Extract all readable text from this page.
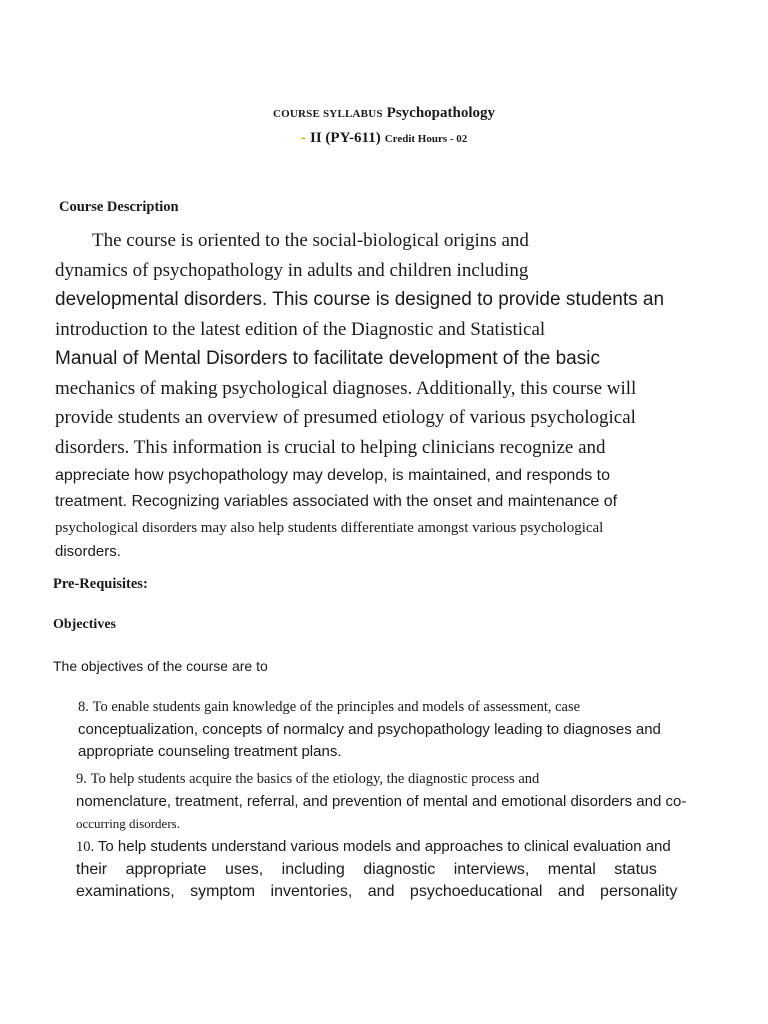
COURSE SYLLABUS Psychopathology
- II (PY-611) Credit Hours - 02
Course Description
The course is oriented to the social-biological origins and
dynamics of psychopathology in adults and children including
developmental disorders. This course is designed to provide students an
introduction to the latest edition of the Diagnostic and Statistical
Manual of Mental Disorders to facilitate development of the basic
mechanics of making psychological diagnoses. Additionally, this course will
provide students an overview of presumed etiology of various psychological
disorders. This information is crucial to helping clinicians recognize and
appreciate how psychopathology may develop, is maintained, and responds to
treatment. Recognizing variables associated with the onset and maintenance of
psychological disorders may also help students differentiate amongst various psychological
disorders.
Pre-Requisites:
Objectives
The objectives of the course are to
8. To enable students gain knowledge of the principles and models of assessment, case
conceptualization, concepts of normalcy and psychopathology leading to diagnoses and
appropriate counseling treatment plans.
9. To help students acquire the basics of the etiology, the diagnostic process and
nomenclature, treatment, referral, and prevention of mental and emotional disorders and co-
occurring disorders.
10. To help students understand various models and approaches to clinical evaluation and
their appropriate uses, including diagnostic interviews, mental status
examinations, symptom inventories, and psychoeducational and personality
